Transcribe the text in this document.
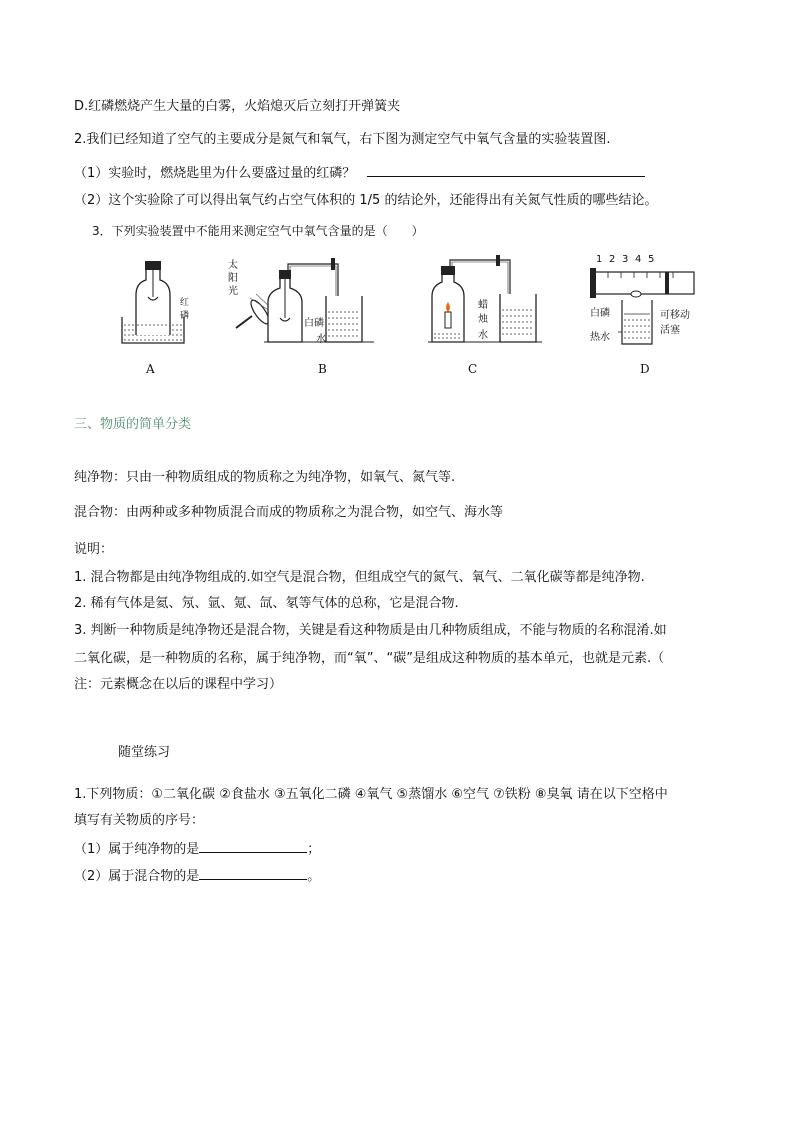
D.红磷燃烧产生大量的白雾，火焰熄灭后立刻打开弹簧夹
2.我们已经知道了空气的主要成分是氮气和氧气，右下图为测定空气中氧气含量的实验装置图.
（1）实验时，燃烧匙里为什么要盛过量的红磷？
（2）这个实验除了可以得出氧气约占空气体积的 1/5 的结论外，还能得出有关氮气性质的哪些结论。
3．下列实验装置中不能用来测定空气中氧气含量的是（　　）
红磷
A
太
阳
光
白磷
水
B
蜡
烛
水
C
1 2 3 4 5
白磷
热水
可移动
活塞
D
三、物质的简单分类
纯净物：只由一种物质组成的物质称之为纯净物，如氧气、氮气等.
混合物：由两种或多种物质混合而成的物质称之为混合物，如空气、海水等
说明：
1. 混合物都是由纯净物组成的.如空气是混合物，但组成空气的氮气、氧气、二氧化碳等都是纯净物.
2. 稀有气体是氦、氖、氩、氪、氙、氡等气体的总称，它是混合物.
3. 判断一种物质是纯净物还是混合物，关键是看这种物质是由几种物质组成，不能与物质的名称混淆.如
二氧化碳，是一种物质的名称，属于纯净物，而“氧”、“碳”是组成这种物质的基本单元，也就是元素.（
注：元素概念在以后的课程中学习）
随堂练习
1.下列物质：①二氧化碳 ②食盐水 ③五氧化二磷 ④氧气 ⑤蒸馏水 ⑥空气 ⑦铁粉 ⑧臭氧 请在以下空格中
填写有关物质的序号：
（1）属于纯净物的是	；
（2）属于混合物的是	。
